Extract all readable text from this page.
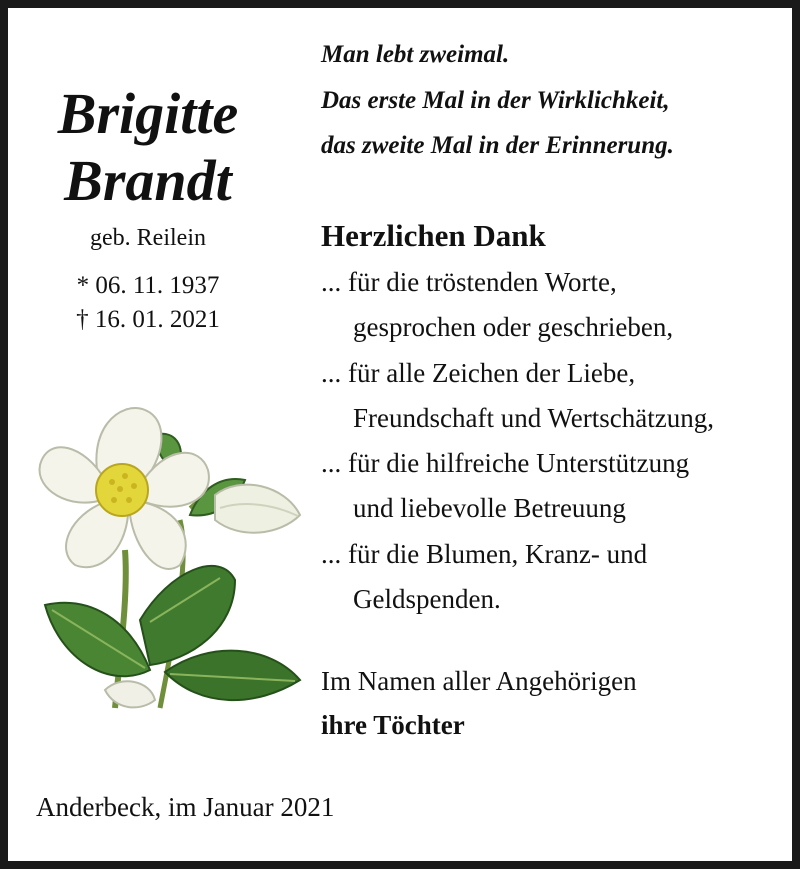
Brigitte
Brandt
geb. Reilein
* 06. 11. 1937
† 16. 01. 2021
Man lebt zweimal.
Das erste Mal in der Wirklichkeit,
das zweite Mal in der Erinnerung.
Herzlichen Dank
... für die tröstenden Worte,
gesprochen oder geschrieben,
... für alle Zeichen der Liebe,
Freundschaft und Wertschätzung,
... für die hilfreiche Unterstützung
und liebevolle Betreuung
... für die Blumen, Kranz- und
Geldspenden.
Im Namen aller Angehörigen
ihre Töchter
Anderbeck, im Januar 2021
